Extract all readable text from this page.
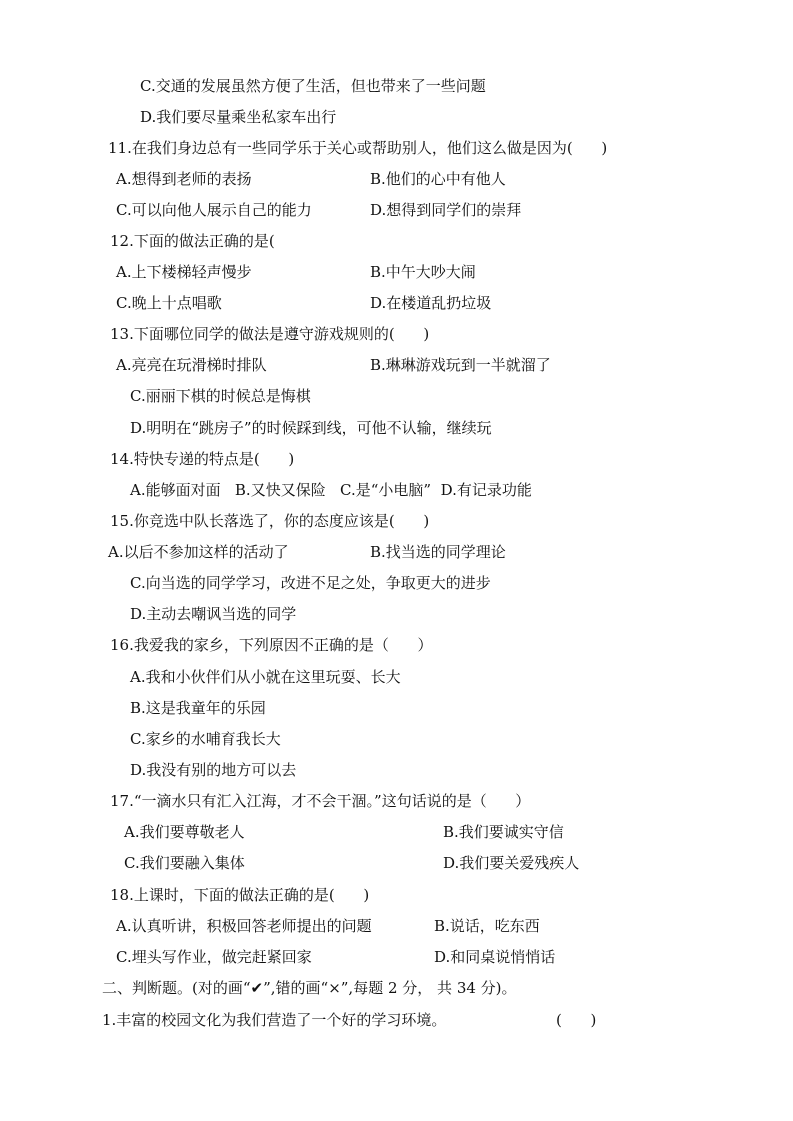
C.交通的发展虽然方便了生活，但也带来了一些问题
D.我们要尽量乘坐私家车出行
11.在我们身边总有一些同学乐于关心或帮助别人，他们这么做是因为(      )
A.想得到老师的表扬	B.他们的心中有他人
C.可以向他人展示自己的能力	D.想得到同学们的崇拜
12.下面的做法正确的是(
A.上下楼梯轻声慢步	B.中午大吵大闹
C.晚上十点唱歌	D.在楼道乱扔垃圾
13.下面哪位同学的做法是遵守游戏规则的(      )
A.亮亮在玩滑梯时排队	B.琳琳游戏玩到一半就溜了
C.丽丽下棋的时候总是悔棋
D.明明在“跳房子”的时候踩到线，可他不认输，继续玩
14.特快专递的特点是(      )
A.能够面对面   B.又快又保险   C.是“小电脑”  D.有记录功能
15.你竞选中队长落选了，你的态度应该是(      )
A.以后不参加这样的活动了	B.找当选的同学理论
C.向当选的同学学习，改进不足之处，争取更大的进步
D.主动去嘲讽当选的同学
16.我爱我的家乡，下列原因不正确的是（      ）
A.我和小伙伴们从小就在这里玩耍、长大
B.这是我童年的乐园
C.家乡的水哺育我长大
D.我没有别的地方可以去
17.“一滴水只有汇入江海，才不会干涸。”这句话说的是（      ）
A.我们要尊敬老人	B.我们要诚实守信
C.我们要融入集体	D.我们要关爱残疾人
18.上课时，下面的做法正确的是(      )
A.认真听讲，积极回答老师提出的问题	B.说话，吃东西
C.埋头写作业，做完赶紧回家	D.和同桌说悄悄话
二、判断题。(对的画“✔”,错的画“×”,每题 2 分， 共 34 分)。
1.丰富的校园文化为我们营造了一个好的学习环境。	(      )
